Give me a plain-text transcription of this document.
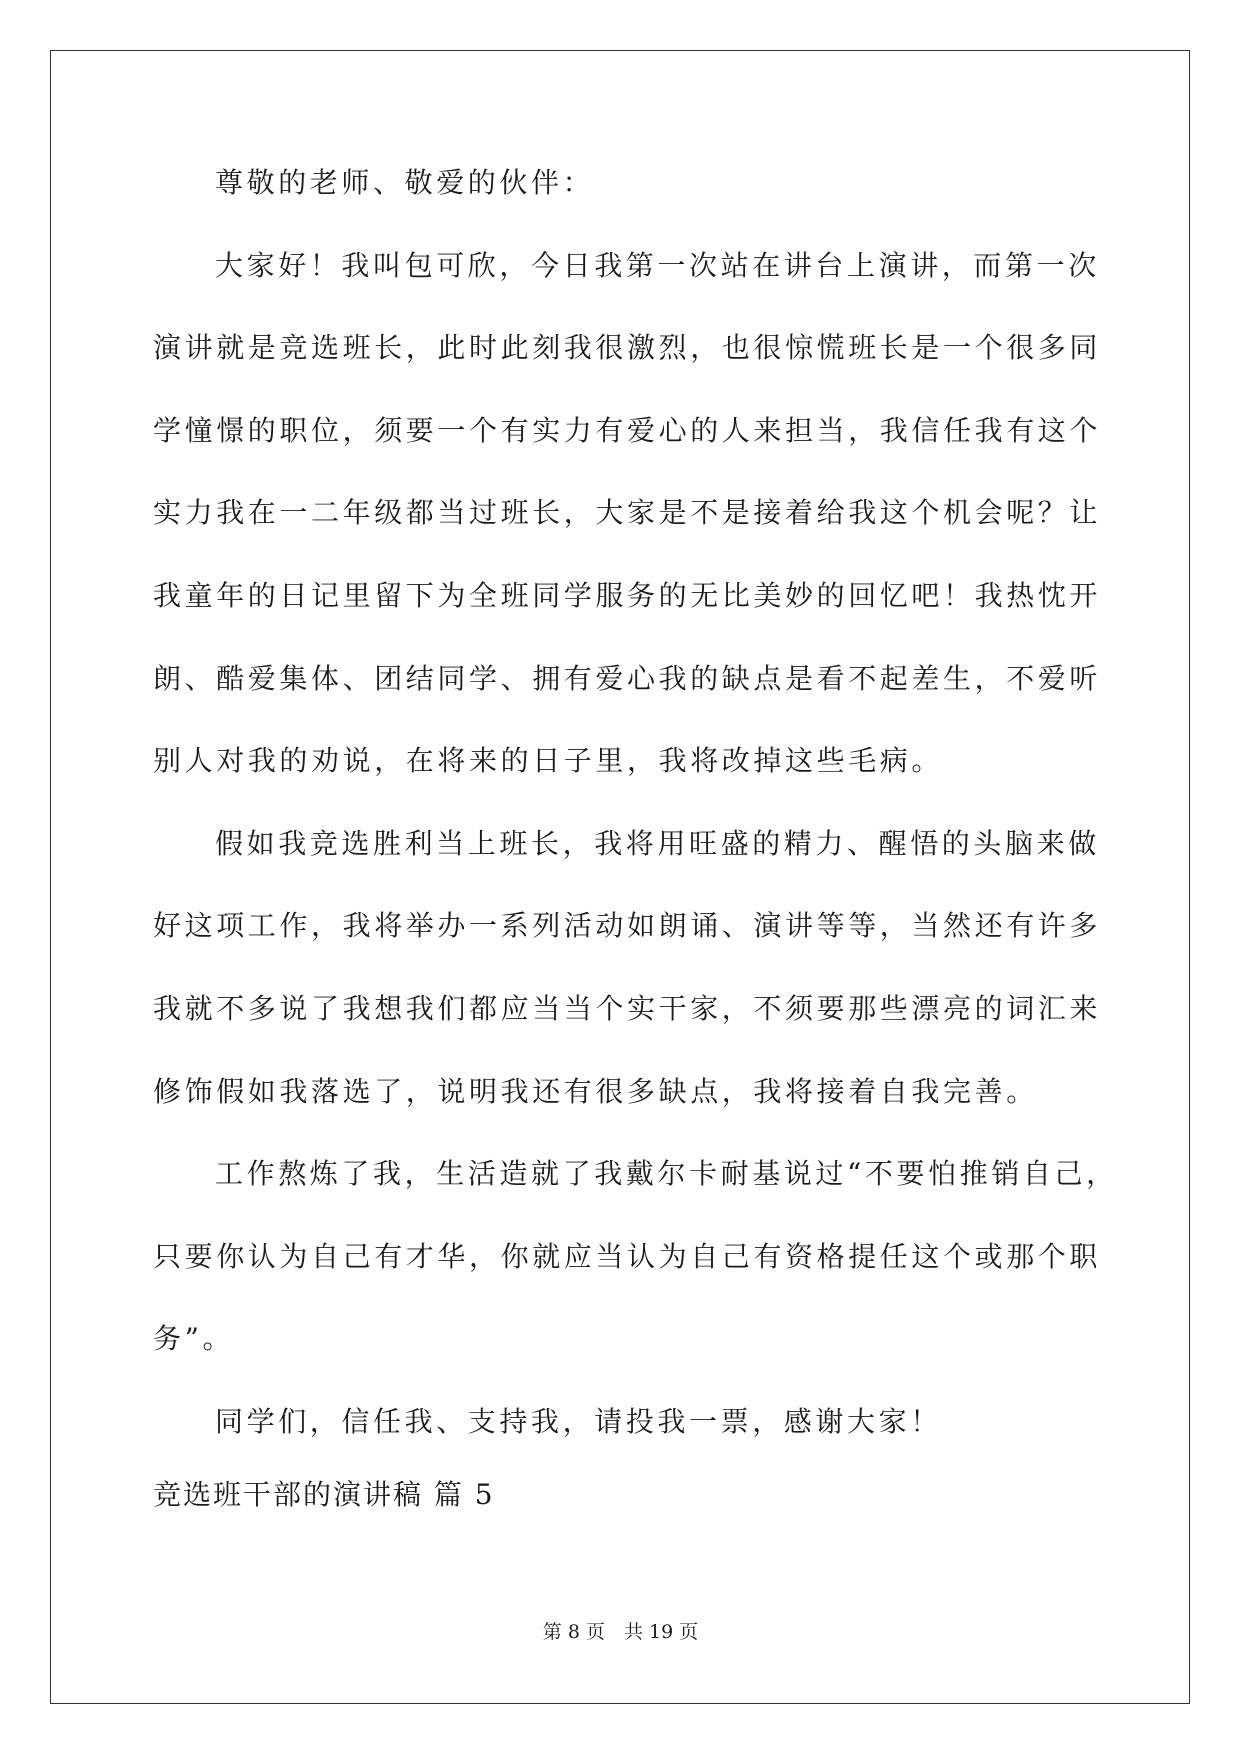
尊敬的老师、敬爱的伙伴：
大家好！我叫包可欣，今日我第一次站在讲台上演讲，而第一次
演讲就是竞选班长，此时此刻我很激烈，也很惊慌班长是一个很多同
学憧憬的职位，须要一个有实力有爱心的人来担当，我信任我有这个
实力我在一二年级都当过班长，大家是不是接着给我这个机会呢？让
我童年的日记里留下为全班同学服务的无比美妙的回忆吧！我热忱开
朗、酷爱集体、团结同学、拥有爱心我的缺点是看不起差生，不爱听
别人对我的劝说，在将来的日子里，我将改掉这些毛病。
假如我竞选胜利当上班长，我将用旺盛的精力、醒悟的头脑来做
好这项工作，我将举办一系列活动如朗诵、演讲等等，当然还有许多
我就不多说了我想我们都应当当个实干家，不须要那些漂亮的词汇来
修饰假如我落选了，说明我还有很多缺点，我将接着自我完善。
工作熬炼了我，生活造就了我戴尔卡耐基说过“不要怕推销自己，
只要你认为自己有才华，你就应当认为自己有资格提任这个或那个职
务”。
同学们，信任我、支持我，请投我一票，感谢大家！
竞选班干部的演讲稿 篇 5
第 8 页　共 19 页
